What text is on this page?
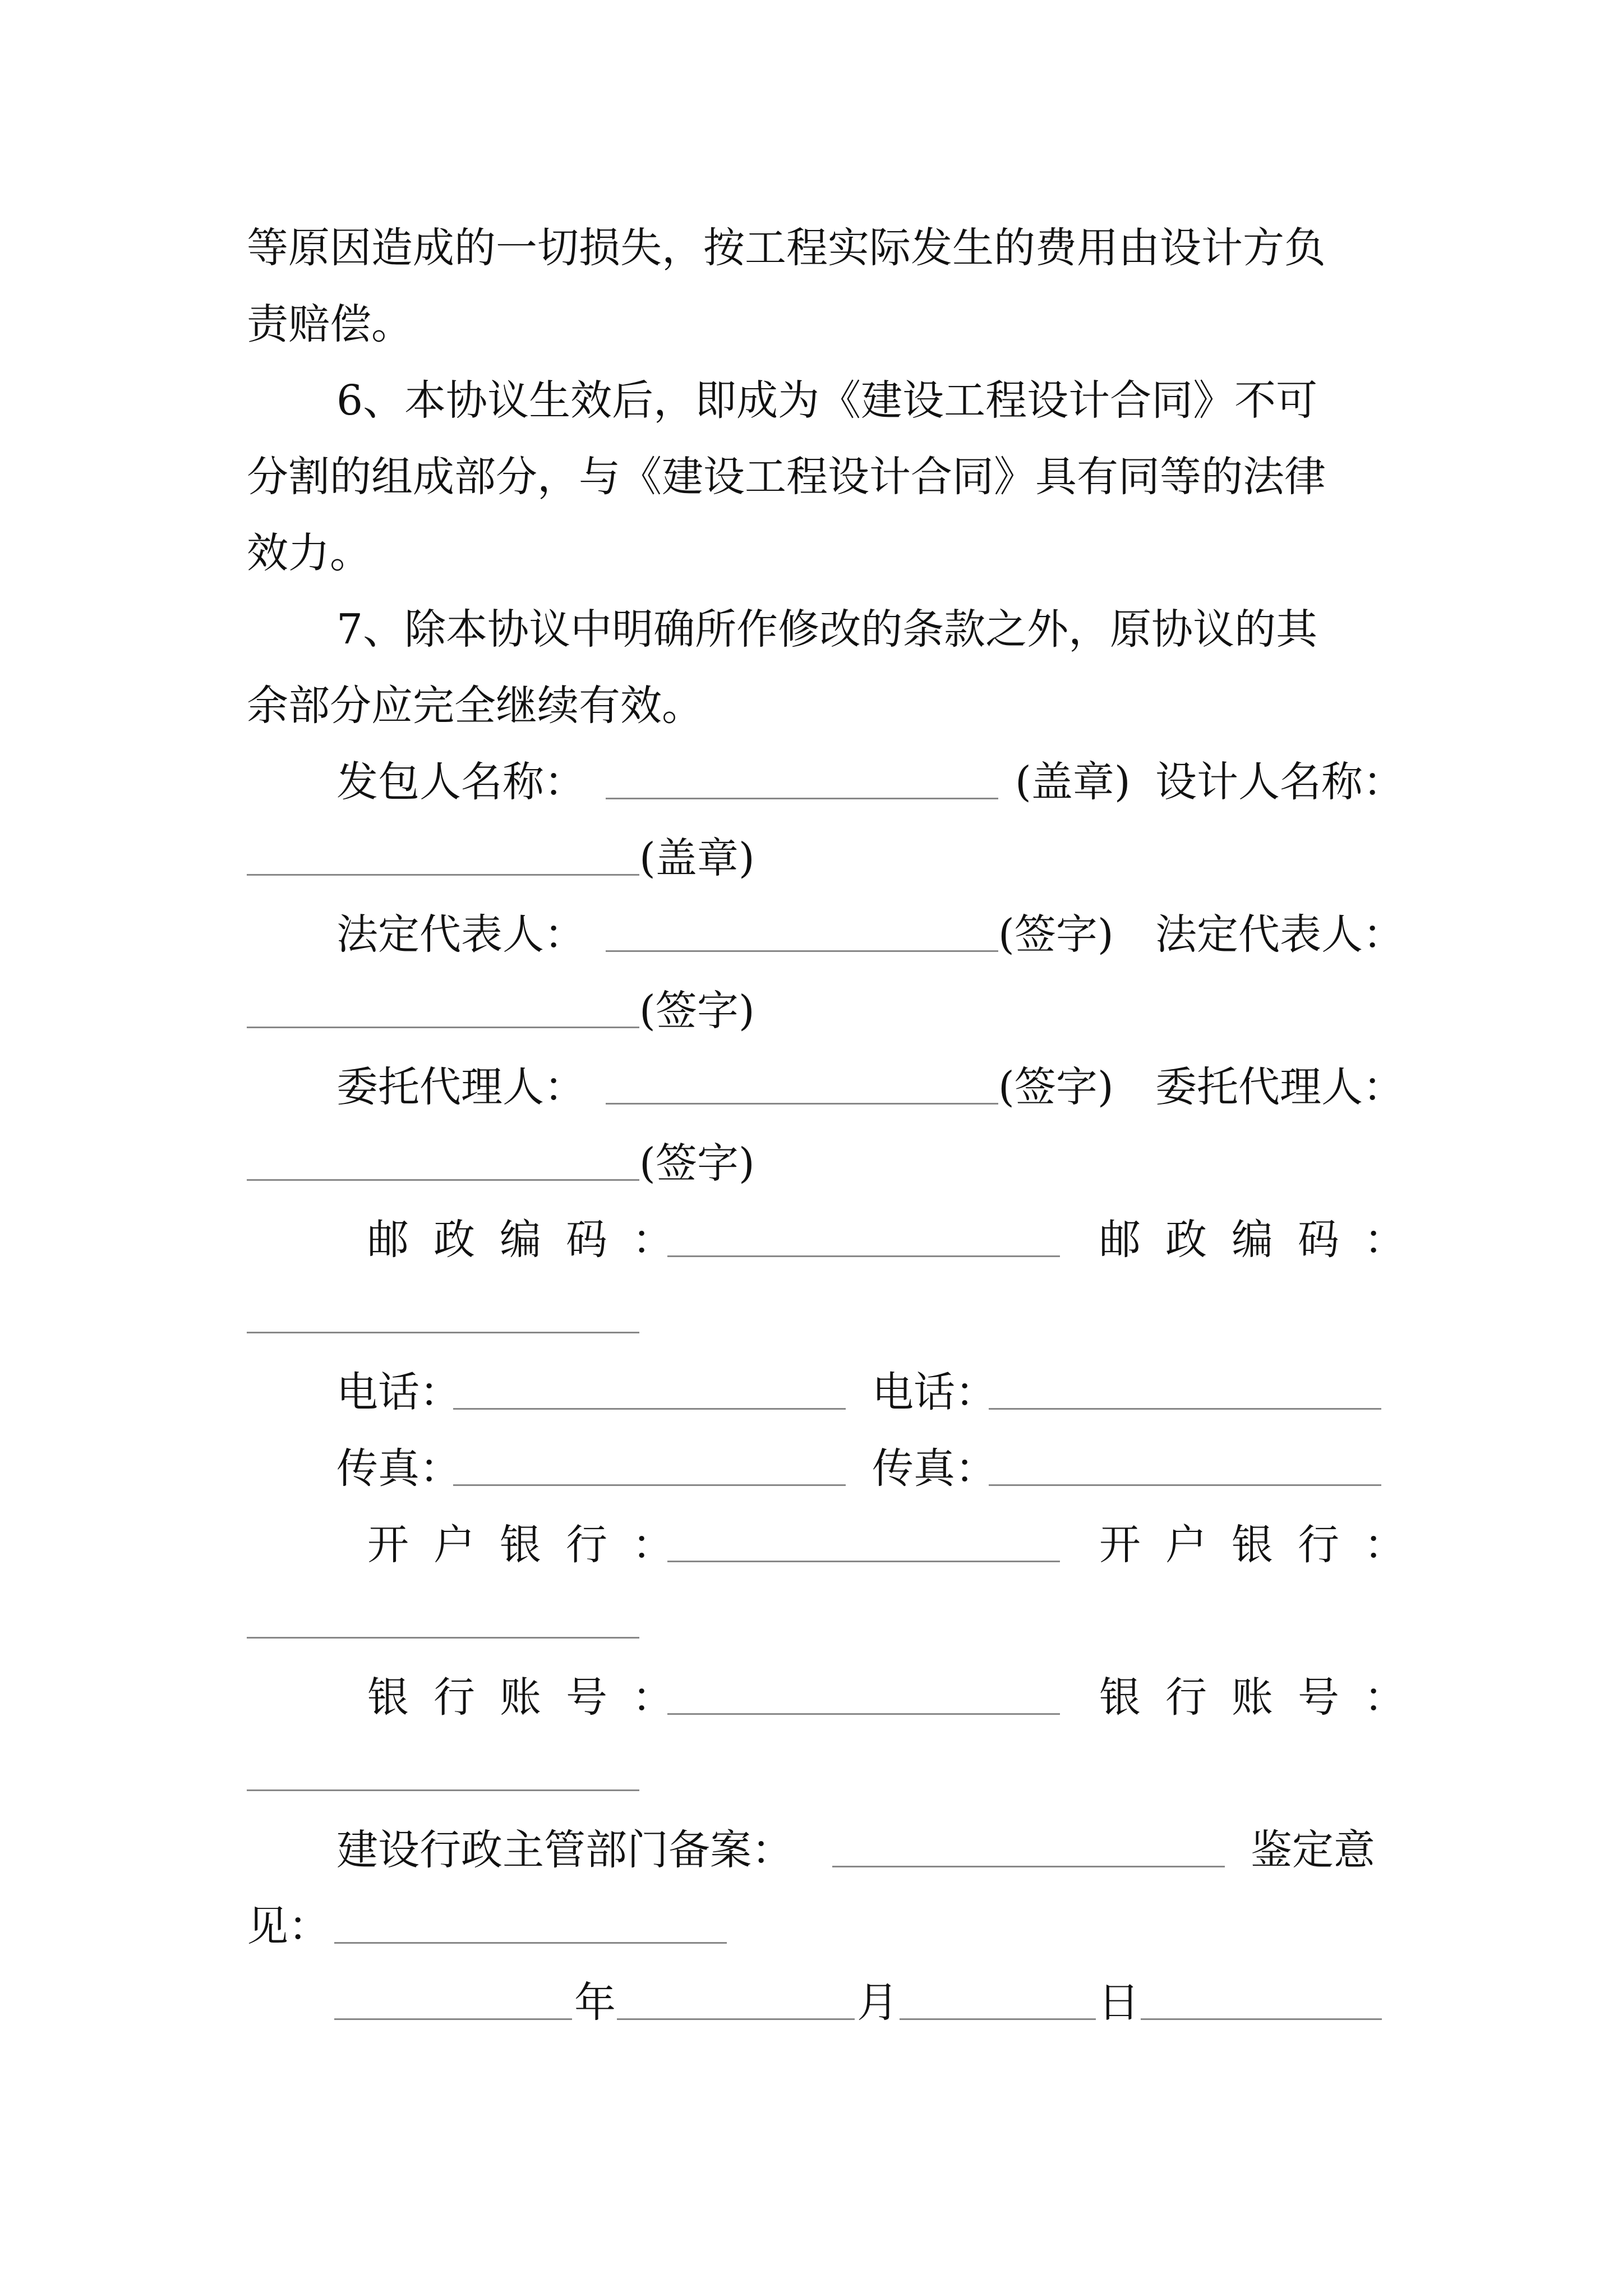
等原因造成的一切损失，按工程实际发生的费用由设计方负
责赔偿。
6、本协议生效后，即成为《建设工程设计合同》不可
分割的组成部分，与《建设工程设计合同》具有同等的法律
效力。
7、除本协议中明确所作修改的条款之外，原协议的其
余部分应完全继续有效。
发包人名称：	(盖章) 设计人名称：
(盖章)
法定代表人：	(签字) 法定代表人：
(签字)
委托代理人：	(签字) 委托代理人：
(签字)
邮政编码：	邮政编码：
电话：	电话：
传真：	传真：
开户银行：	开户银行：
银行账号：	银行账号：
建设行政主管部门备案：	鉴定意
见：
年	月	日
